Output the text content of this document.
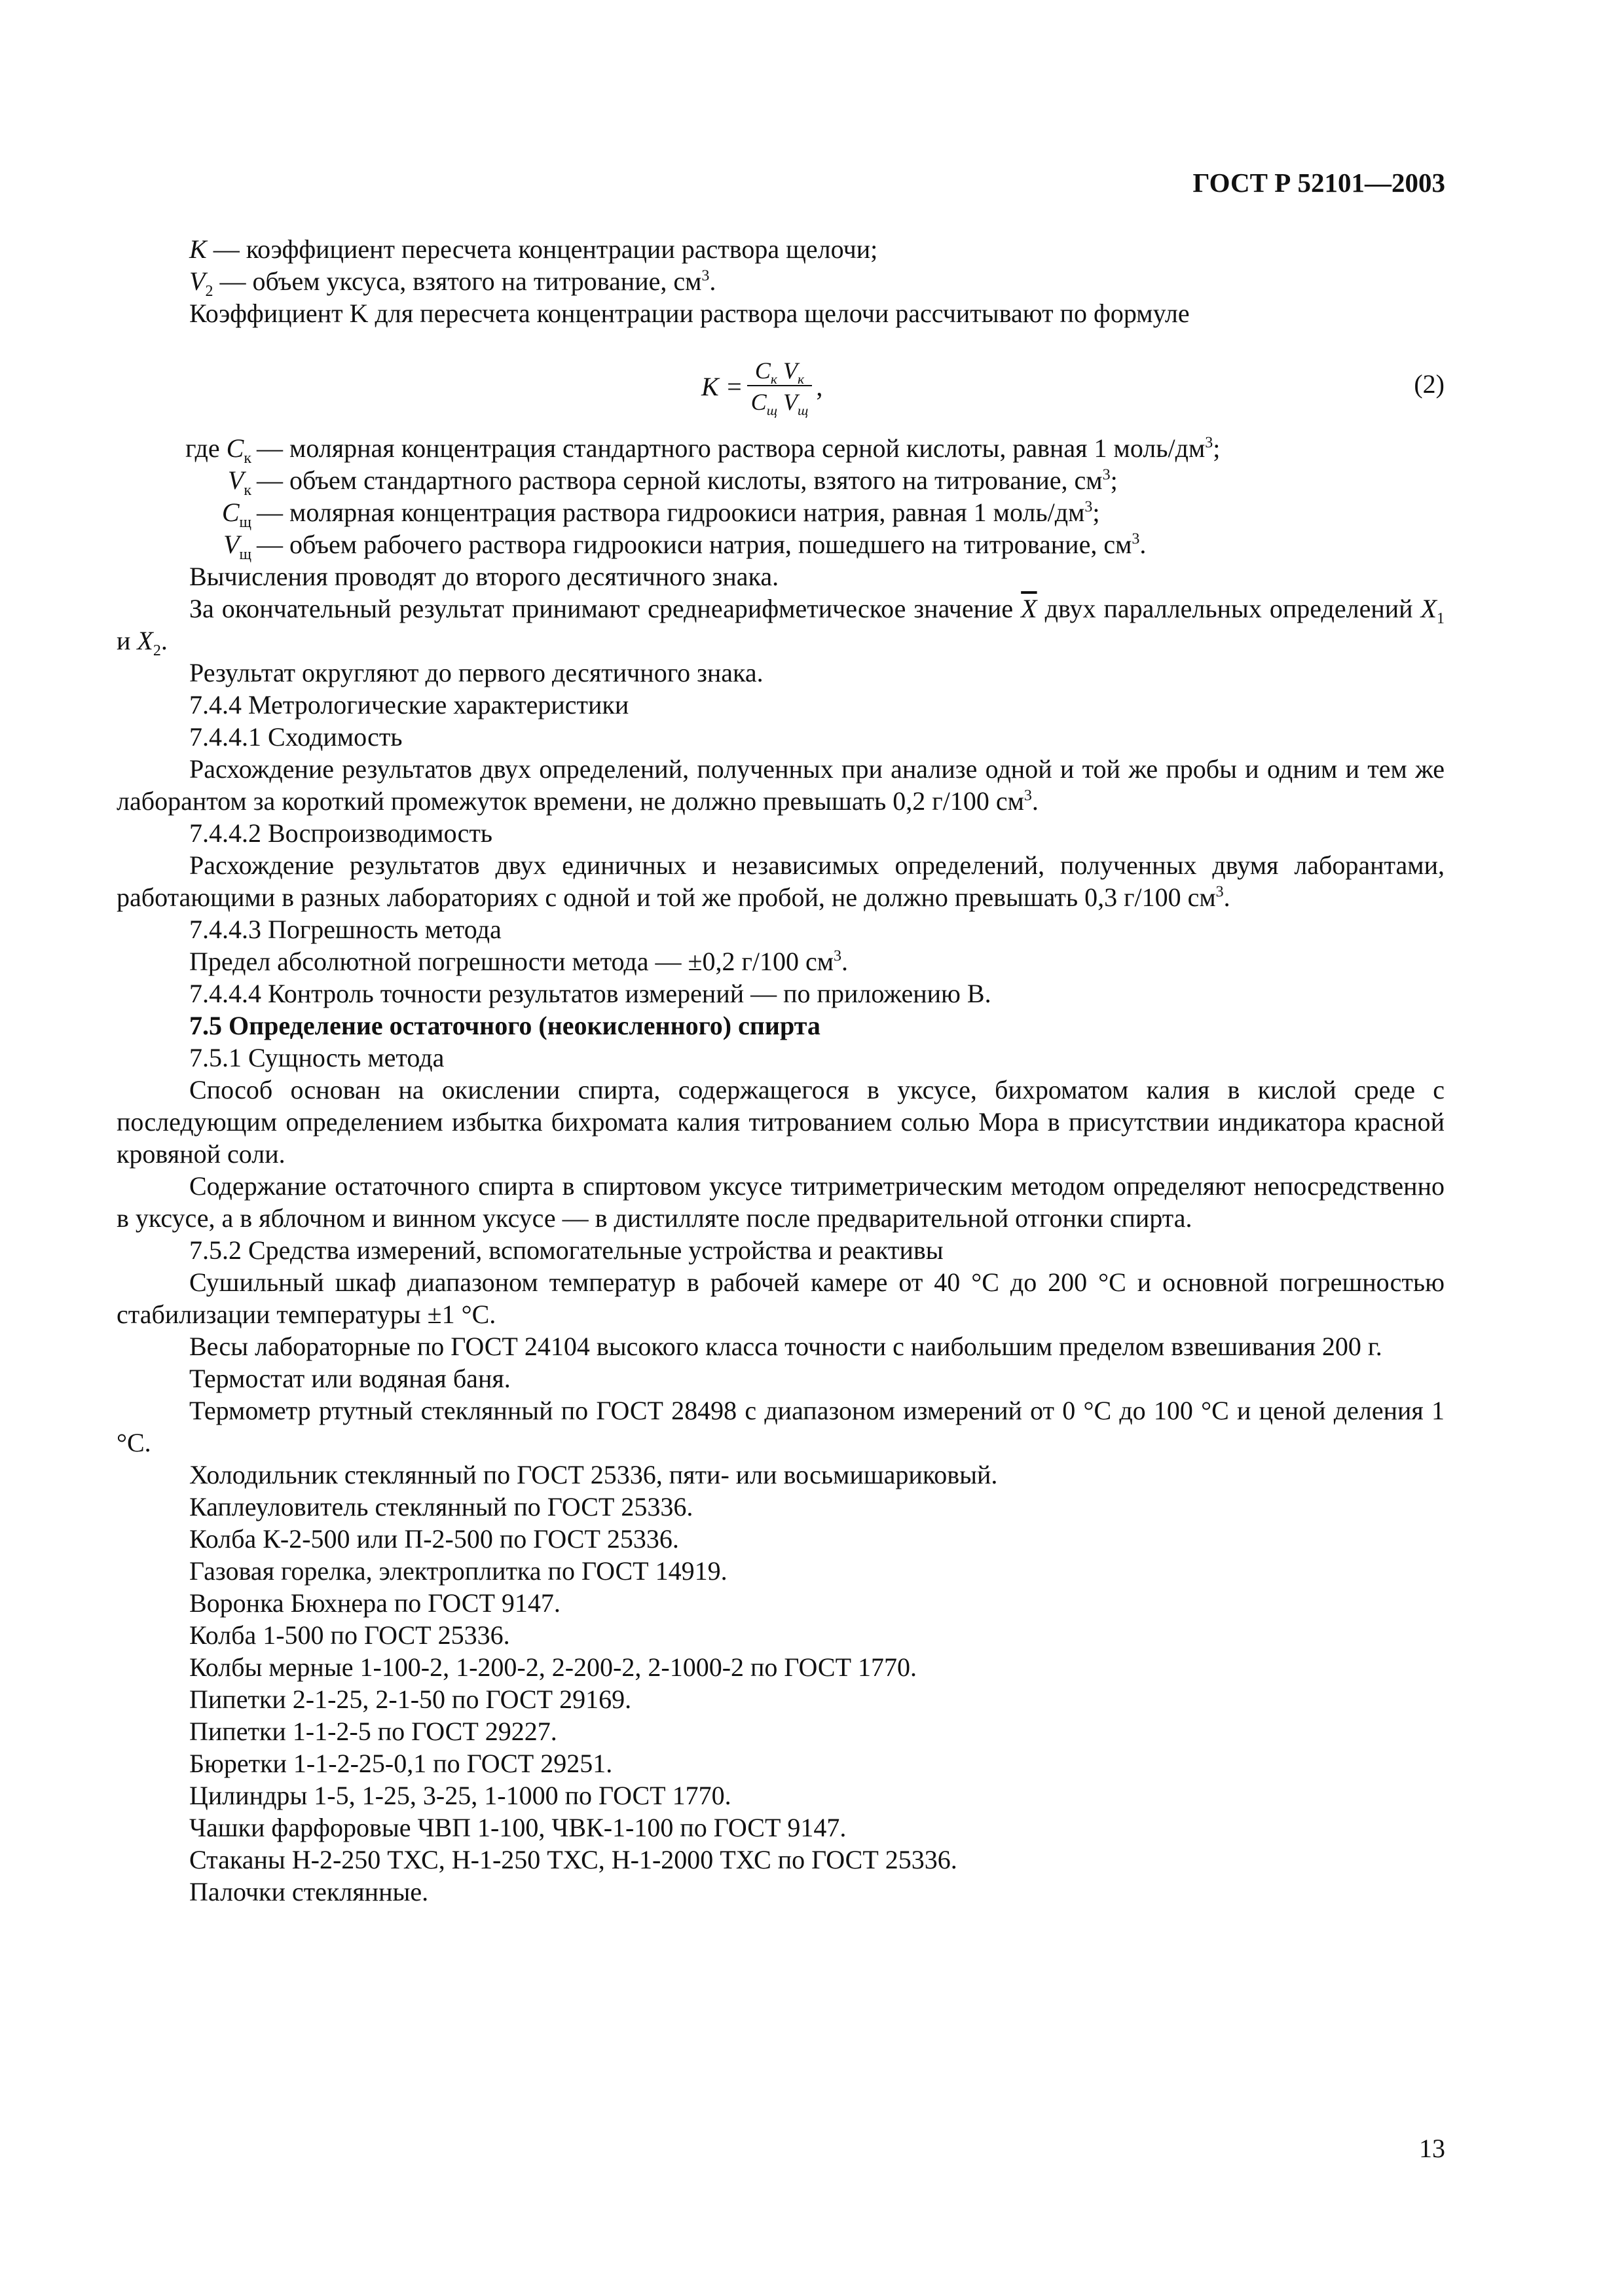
ГОСТ Р 52101—2003

K — коэффициент пересчета концентрации раствора щелочи;

$V_2$ — объем уксуса, взятого на титрование, $см^3$.

Коэффициент K для пересчета концентрации раствора щелочи рассчитывают по формуле

$K = \frac{C_к V_к}{C_щ V_щ}$ ,	(2)
где $C_к$ — молярная концентрация стандартного раствора серной кислоты, равная 1 моль/$дм^3$;
$V_к$ — объем стандартного раствора серной кислоты, взятого на титрование, $см^3$;
$C_щ$ — молярная концентрация раствора гидроокиси натрия, равная 1 моль/$дм^3$;
$V_щ$ — объем рабочего раствора гидроокиси натрия, пошедшего на титрование, $см^3$.

Вычисления проводят до второго десятичного знака.

За окончательный результат принимают среднеарифметическое значение $\overline{X}$ двух параллельных определений $X_1$ и $X_2$.

Результат округляют до первого десятичного знака.

7.4.4 Метрологические характеристики

7.4.4.1 Сходимость

Расхождение результатов двух определений, полученных при анализе одной и той же пробы и одним и тем же лаборантом за короткий промежуток времени, не должно превышать 0,2 г/100 $см^3$.

7.4.4.2 Воспроизводимость

Расхождение результатов двух единичных и независимых определений, полученных двумя лаборантами, работающими в разных лабораториях с одной и той же пробой, не должно превышать 0,3 г/100 $см^3$.

7.4.4.3 Погрешность метода

Предел абсолютной погрешности метода — ±0,2 г/100 $см^3$.

7.4.4.4 Контроль точности результатов измерений — по приложению В.

7.5 Определение остаточного (неокисленного) спирта

7.5.1 Сущность метода

Способ основан на окислении спирта, содержащегося в уксусе, бихроматом калия в кислой среде с последующим определением избытка бихромата калия титрованием солью Мора в присутствии индикатора красной кровяной соли.

Содержание остаточного спирта в спиртовом уксусе титриметрическим методом определяют непосредственно в уксусе, а в яблочном и винном уксусе — в дистилляте после предварительной отгонки спирта.

7.5.2 Средства измерений, вспомогательные устройства и реактивы

Сушильный шкаф диапазоном температур в рабочей камере от 40 °С до 200 °С и основной погрешностью стабилизации температуры ±1 °С.

Весы лабораторные по ГОСТ 24104 высокого класса точности с наибольшим пределом взвешивания 200 г.

Термостат или водяная баня.

Термометр ртутный стеклянный по ГОСТ 28498 с диапазоном измерений от 0 °С до 100 °С и ценой деления 1 °С.

Холодильник стеклянный по ГОСТ 25336, пяти- или восьмишариковый.

Каплеуловитель стеклянный по ГОСТ 25336.

Колба К-2-500 или П-2-500 по ГОСТ 25336.

Газовая горелка, электроплитка по ГОСТ 14919.

Воронка Бюхнера по ГОСТ 9147.

Колба 1-500 по ГОСТ 25336.

Колбы мерные 1-100-2, 1-200-2, 2-200-2, 2-1000-2 по ГОСТ 1770.

Пипетки 2-1-25, 2-1-50 по ГОСТ 29169.

Пипетки 1-1-2-5 по ГОСТ 29227.

Бюретки 1-1-2-25-0,1 по ГОСТ 29251.

Цилиндры 1-5, 1-25, 3-25, 1-1000 по ГОСТ 1770.

Чашки фарфоровые ЧВП 1-100, ЧВК-1-100 по ГОСТ 9147.

Стаканы Н-2-250 ТХС, Н-1-250 ТХС, Н-1-2000 ТХС по ГОСТ 25336.

Палочки стеклянные.

13
